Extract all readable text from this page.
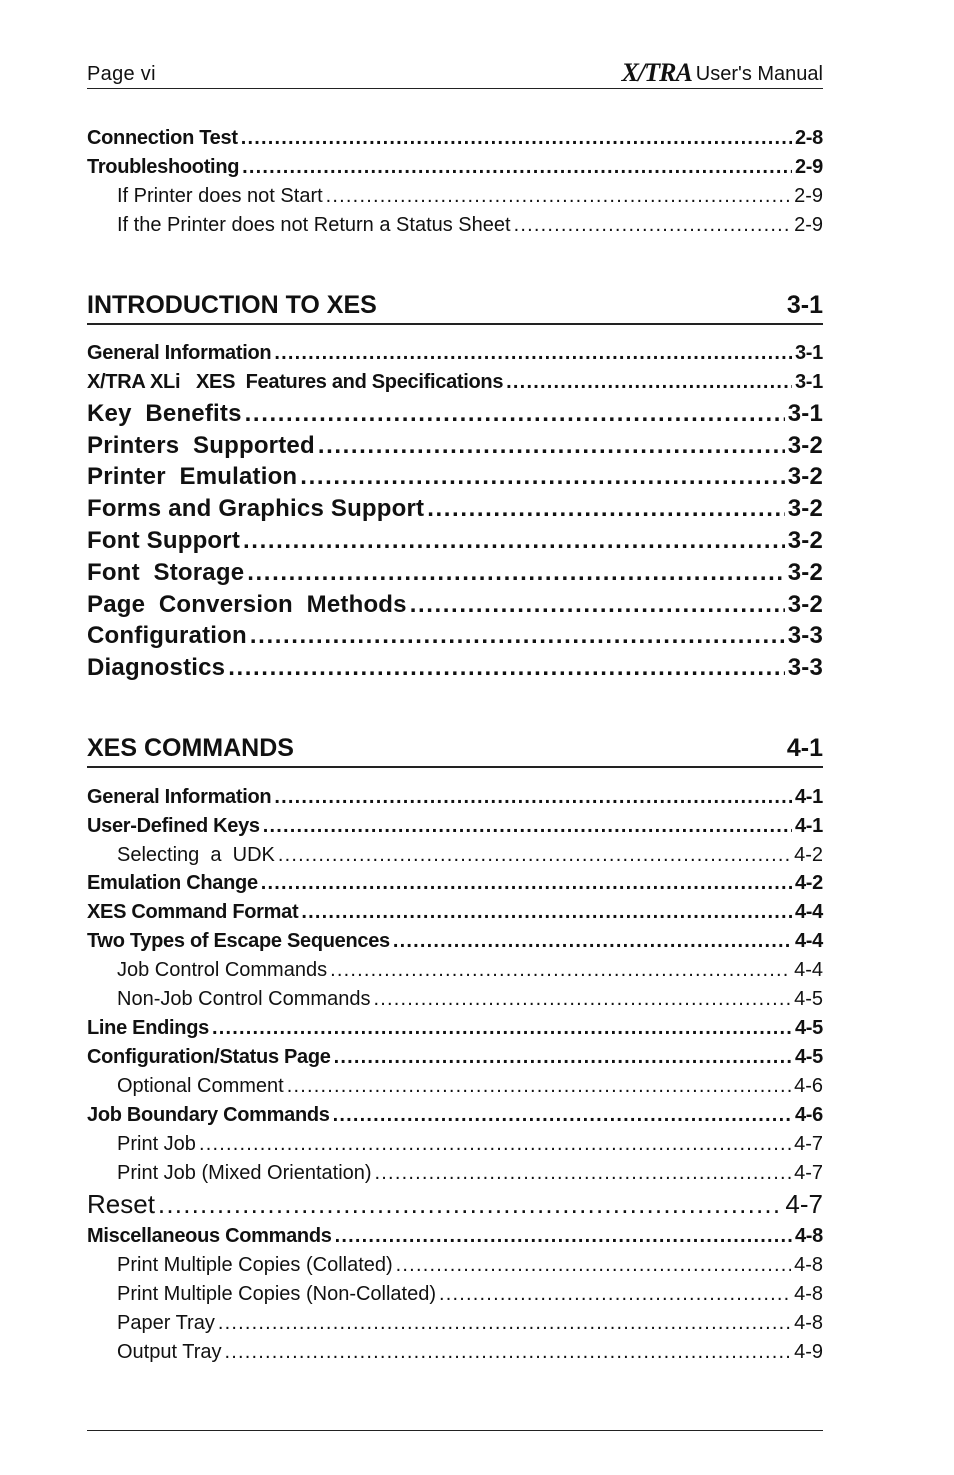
Page vi	X/TRA User's Manual
Connection Test .....	2-8
Troubleshooting .....	2-9
If Printer does not Start .....	2-9
If the Printer does not Return a Status Sheet .....	2-9
INTRODUCTION TO XES	3-1
General Information .....	3-1
X/TRA XLi   XES  Features and Specifications .....	3-1
Key  Benefits .....	3-1
Printers  Supported .....	3-2
Printer  Emulation .....	3-2
Forms and Graphics Support .....	3-2
Font Support .....	3-2
Font  Storage .....	3-2
Page  Conversion  Methods .....	3-2
Configuration .....	3-3
Diagnostics .....	3-3
XES COMMANDS	4-1
General Information .....	4-1
User-Defined Keys .....	4-1
Selecting  a  UDK .....	4-2
Emulation Change .....	4-2
XES Command Format .....	4-4
Two Types of Escape Sequences .....	4-4
Job Control Commands .....	4-4
Non-Job Control Commands .....	4-5
Line Endings .....	4-5
Configuration/Status Page .....	4-5
Optional Comment .....	4-6
Job Boundary Commands .....	4-6
Print Job .....	4-7
Print Job (Mixed Orientation) .....	4-7
Reset .....	4-7
Miscellaneous Commands .....	4-8
Print Multiple Copies (Collated) .....	4-8
Print Multiple Copies (Non-Collated) .....	4-8
Paper Tray .....	4-8
Output Tray .....	4-9
